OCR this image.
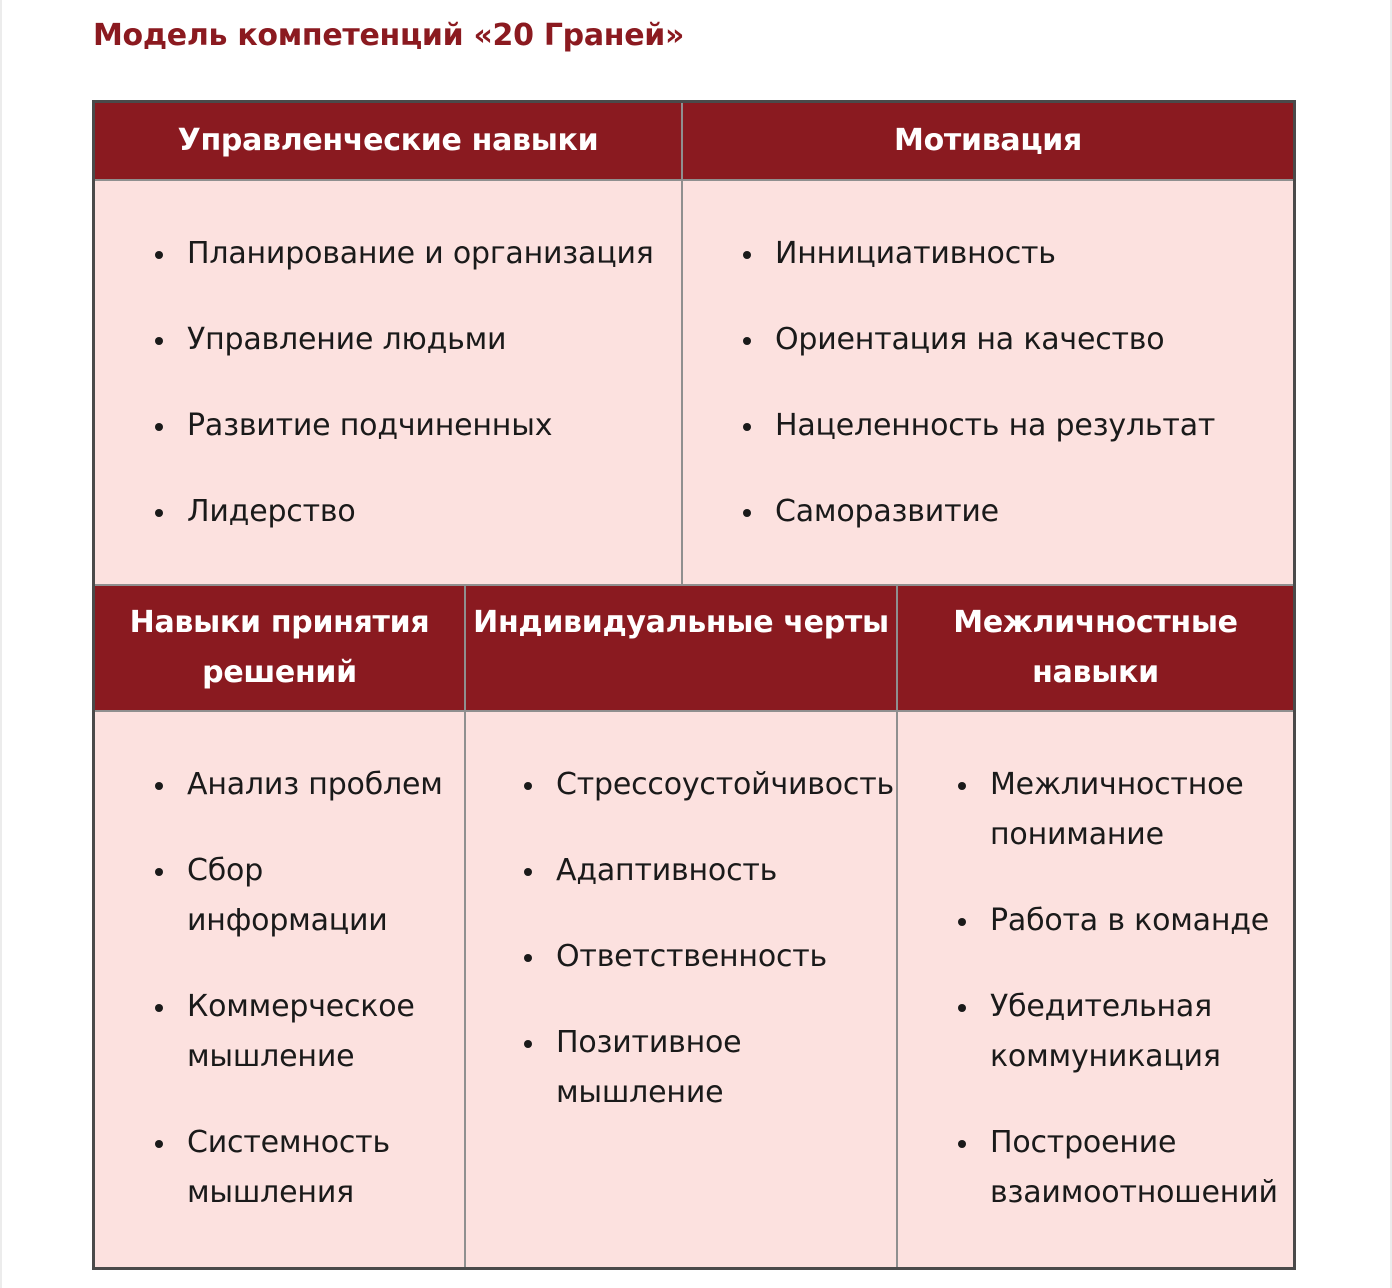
Модель компетенций «20 Граней»
Управленческие навыки	Мотивация
Планирование и организация
Управление людьми
Развитие подчиненных
Лидерство
Иннициативность
Ориентация на качество
Нацеленность на результат
Саморазвитие
Навыки принятия решений
Индивидуальные черты Межличностные навыки
Анализ проблем
Сбор информации
Коммерческое мышление
Системность мышления
Стрессоустойчивость
Адаптивность
Ответственность
Позитивное мышление
Межличностное понимание
Работа в команде
Убедительная коммуникация
Построение взаимоотношений
